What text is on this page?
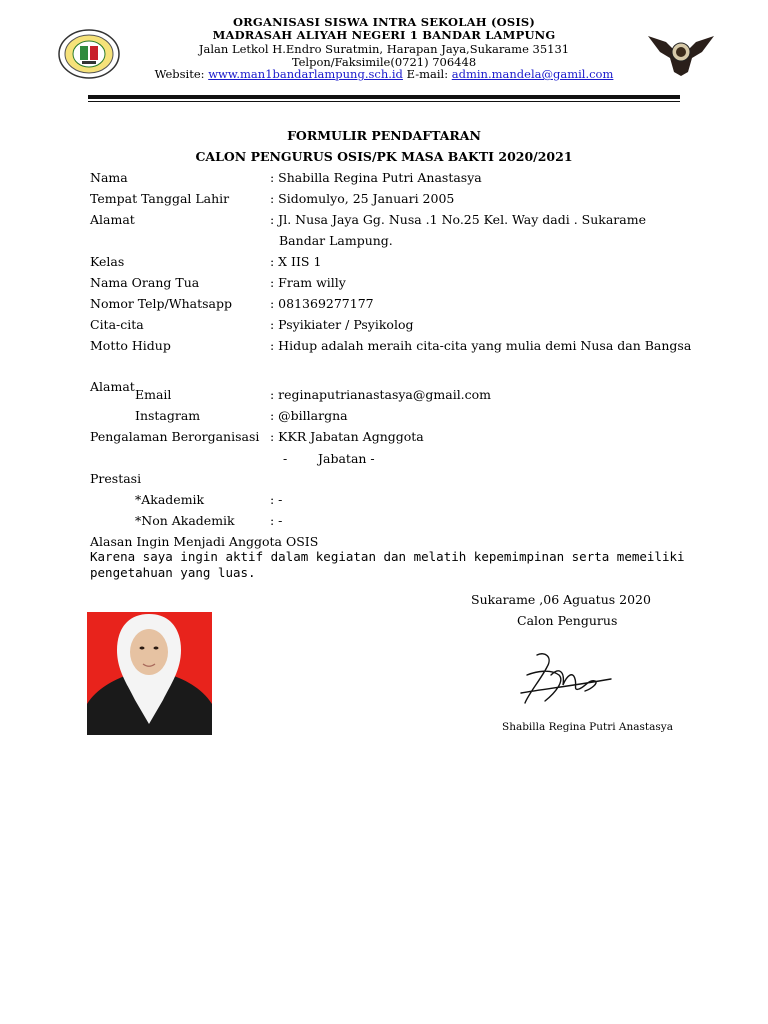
ORGANISASI SISWA INTRA SEKOLAH (OSIS)
MADRASAH ALIYAH NEGERI 1 BANDAR LAMPUNG
Jalan Letkol H.Endro Suratmin, Harapan Jaya,Sukarame 35131
Telpon/Faksimile(0721) 706448
Website: www.man1bandarlampung.sch.id E-mail: admin.mandela@gamil.com
FORMULIR PENDAFTARAN
CALON PENGURUS OSIS/PK MASA BAKTI 2020/2021
Nama	: Shabilla Regina Putri Anastasya
Tempat Tanggal Lahir	: Sidomulyo, 25 Januari 2005
Alamat	: Jl. Nusa Jaya Gg. Nusa .1 No.25 Kel. Way dadi . Sukarame
Bandar Lampung.
Kelas	: X IIS 1
Nama Orang Tua	: Fram willy
Nomor Telp/Whatsapp	: 081369277177
Cita-cita	: Psyikiater / Psyikolog
Motto Hidup	: Hidup adalah meraih cita-cita yang mulia demi Nusa dan Bangsa
Alamat
Email	: reginaputrianastasya@gmail.com
Instagram	: @billargna
Pengalaman Berorganisasi : KKR Jabatan Agnggota
- Jabatan -
Prestasi
*Akademik	: -
*Non Akademik	: -
Alasan Ingin Menjadi Anggota OSIS
Karena saya ingin aktif dalam kegiatan dan melatih kepemimpinan serta memeiliki
pengetahuan yang luas.
Sukarame ,06 Aguatus 2020
Calon Pengurus
Shabilla Regina Putri Anastasya
